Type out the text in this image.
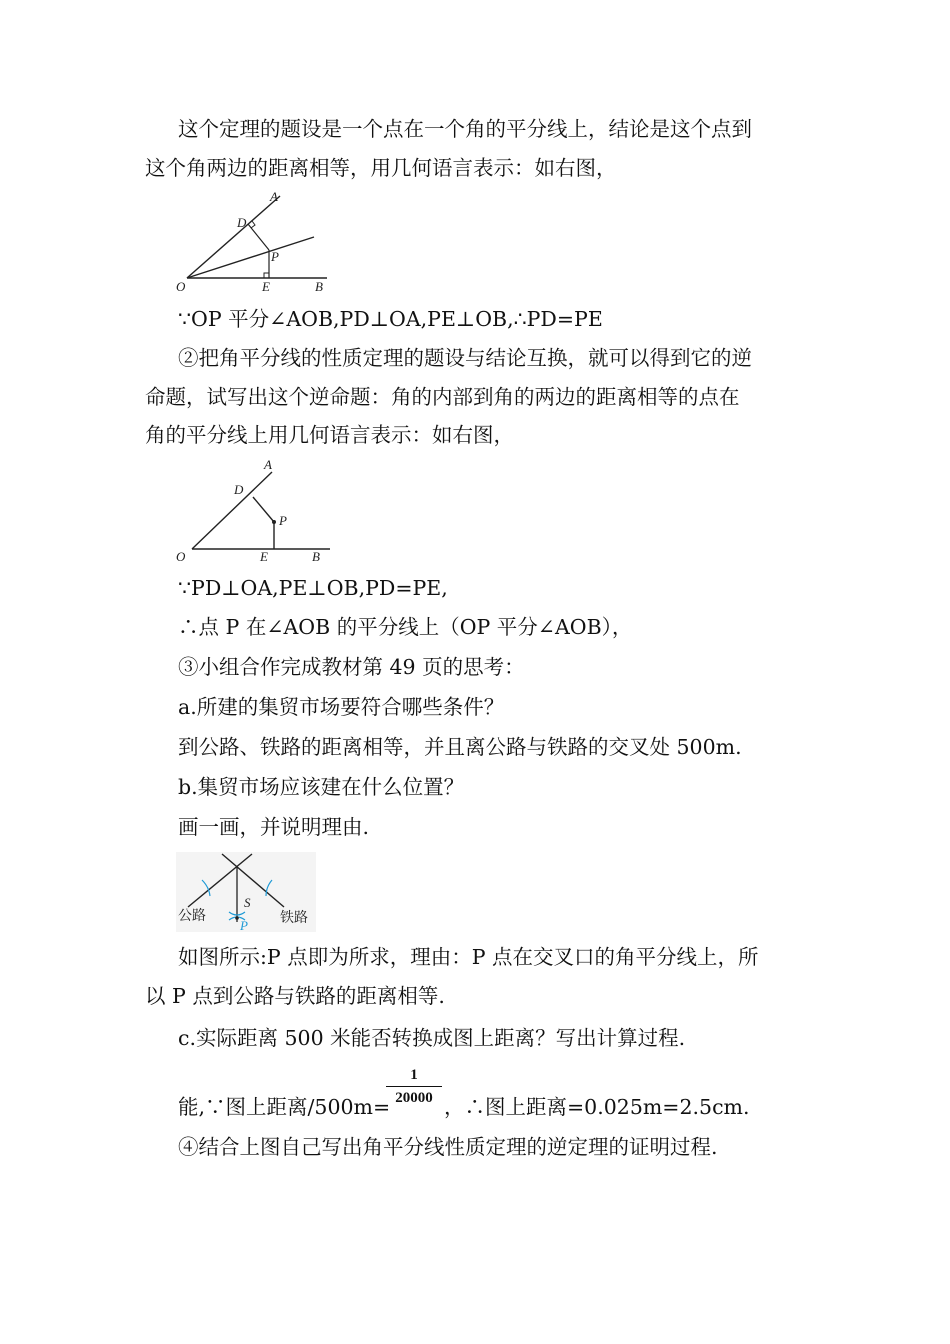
这个定理的题设是一个点在一个角的平分线上，结论是这个点到
这个角两边的距离相等，用几何语言表示：如右图，
A
D
P
O	E	B
∵OP 平分∠AOB,PD⊥OA,PE⊥OB,∴PD=PE
②把角平分线的性质定理的题设与结论互换，就可以得到它的逆
命题，试写出这个逆命题：角的内部到角的两边的距离相等的点在
角的平分线上用几何语言表示：如右图，
A
D
P
O	E	B
∵PD⊥OA,PE⊥OB,PD=PE,
∴点 P 在∠AOB 的平分线上（OP 平分∠AOB），
③小组合作完成教材第 49 页的思考：
a.所建的集贸市场要符合哪些条件？
到公路、铁路的距离相等，并且离公路与铁路的交叉处 500m.
b.集贸市场应该建在什么位置？
画一画，并说明理由.
S
P
公路	铁路
如图所示:P 点即为所求，理由：P 点在交叉口的角平分线上，所
以 P 点到公路与铁路的距离相等.
c.实际距离 500 米能否转换成图上距离？写出计算过程.
能,∵图上距离/500m=
$\frac{1}{20000}$ ，∴图上距离=0.025m=2.5cm.
④结合上图自己写出角平分线性质定理的逆定理的证明过程.
